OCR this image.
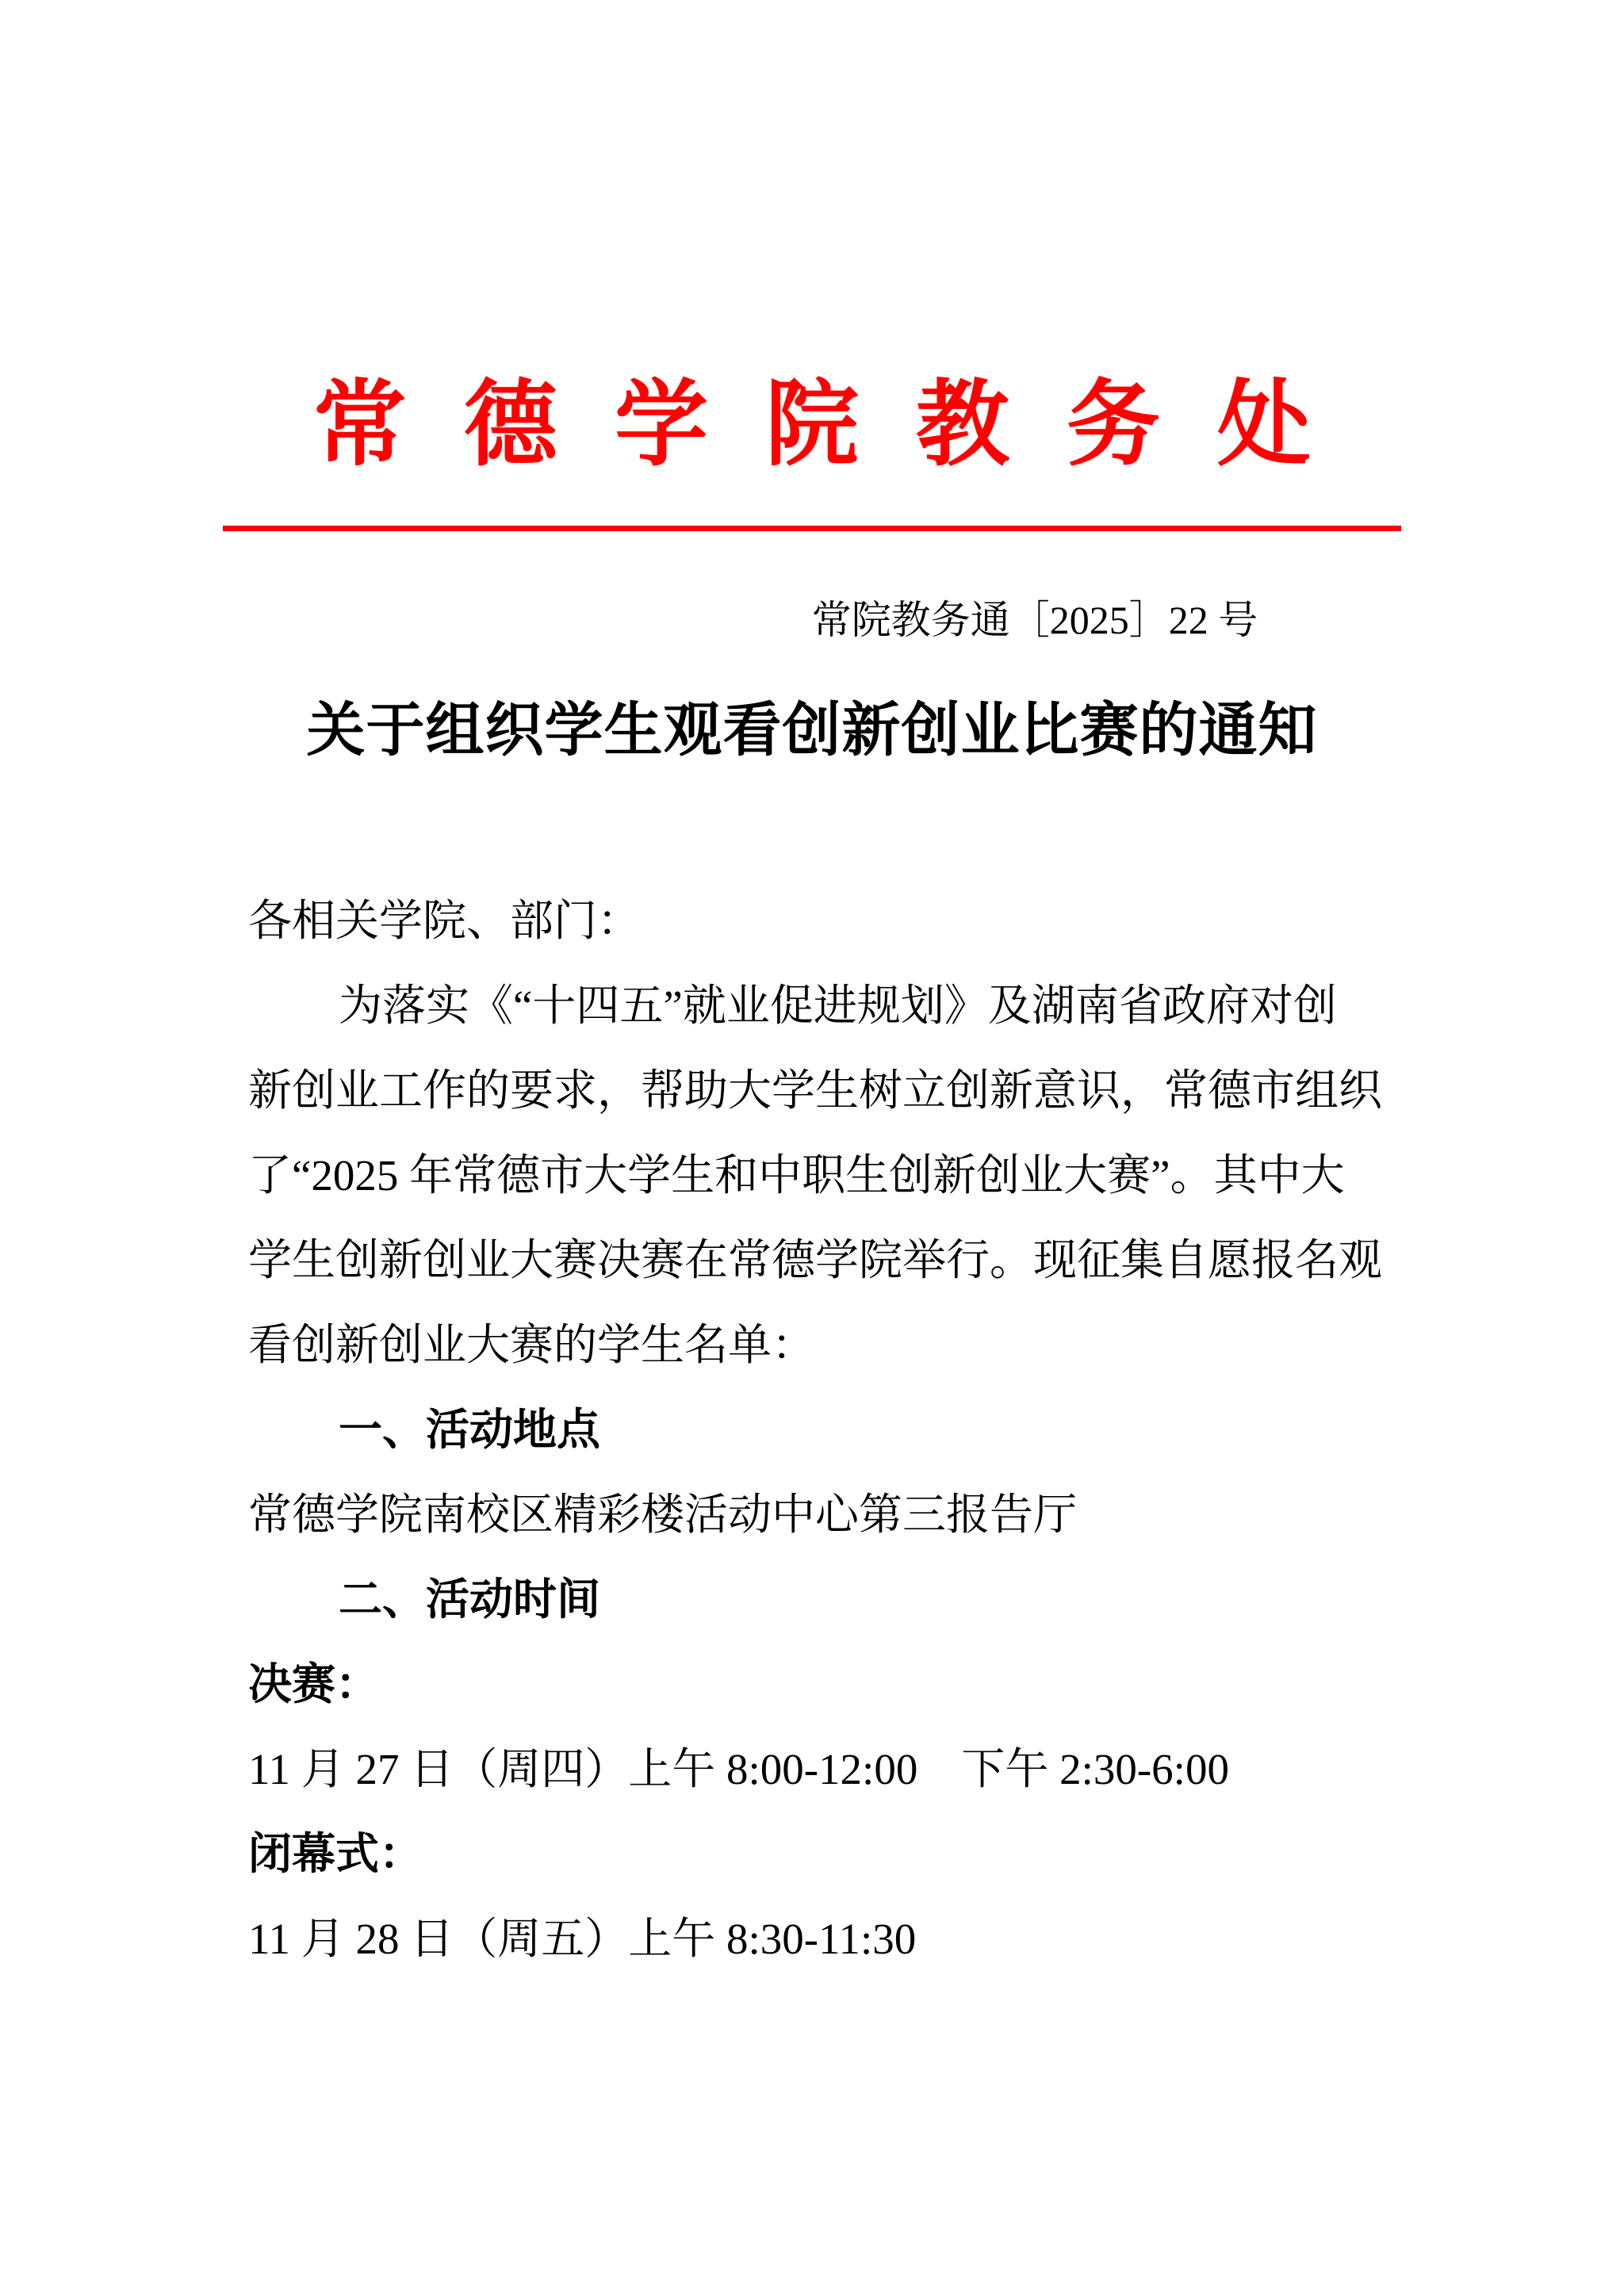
常德学院教务处
常院教务通［2025］22 号
关于组织学生观看创新创业比赛的通知
各相关学院、部门：
为落实《“十四五”就业促进规划》及湖南省政府对创
新创业工作的要求，帮助大学生树立创新意识，常德市组织
了“2025 年常德市大学生和中职生创新创业大赛”。其中大
学生创新创业大赛决赛在常德学院举行。现征集自愿报名观
看创新创业大赛的学生名单：
一、活动地点
常德学院南校区精彩楼活动中心第三报告厅
二、活动时间
决赛：
11 月 27 日（周四）上午 8:00-12:00　下午 2:30-6:00
闭幕式：
11 月 28 日（周五）上午 8:30-11:30
